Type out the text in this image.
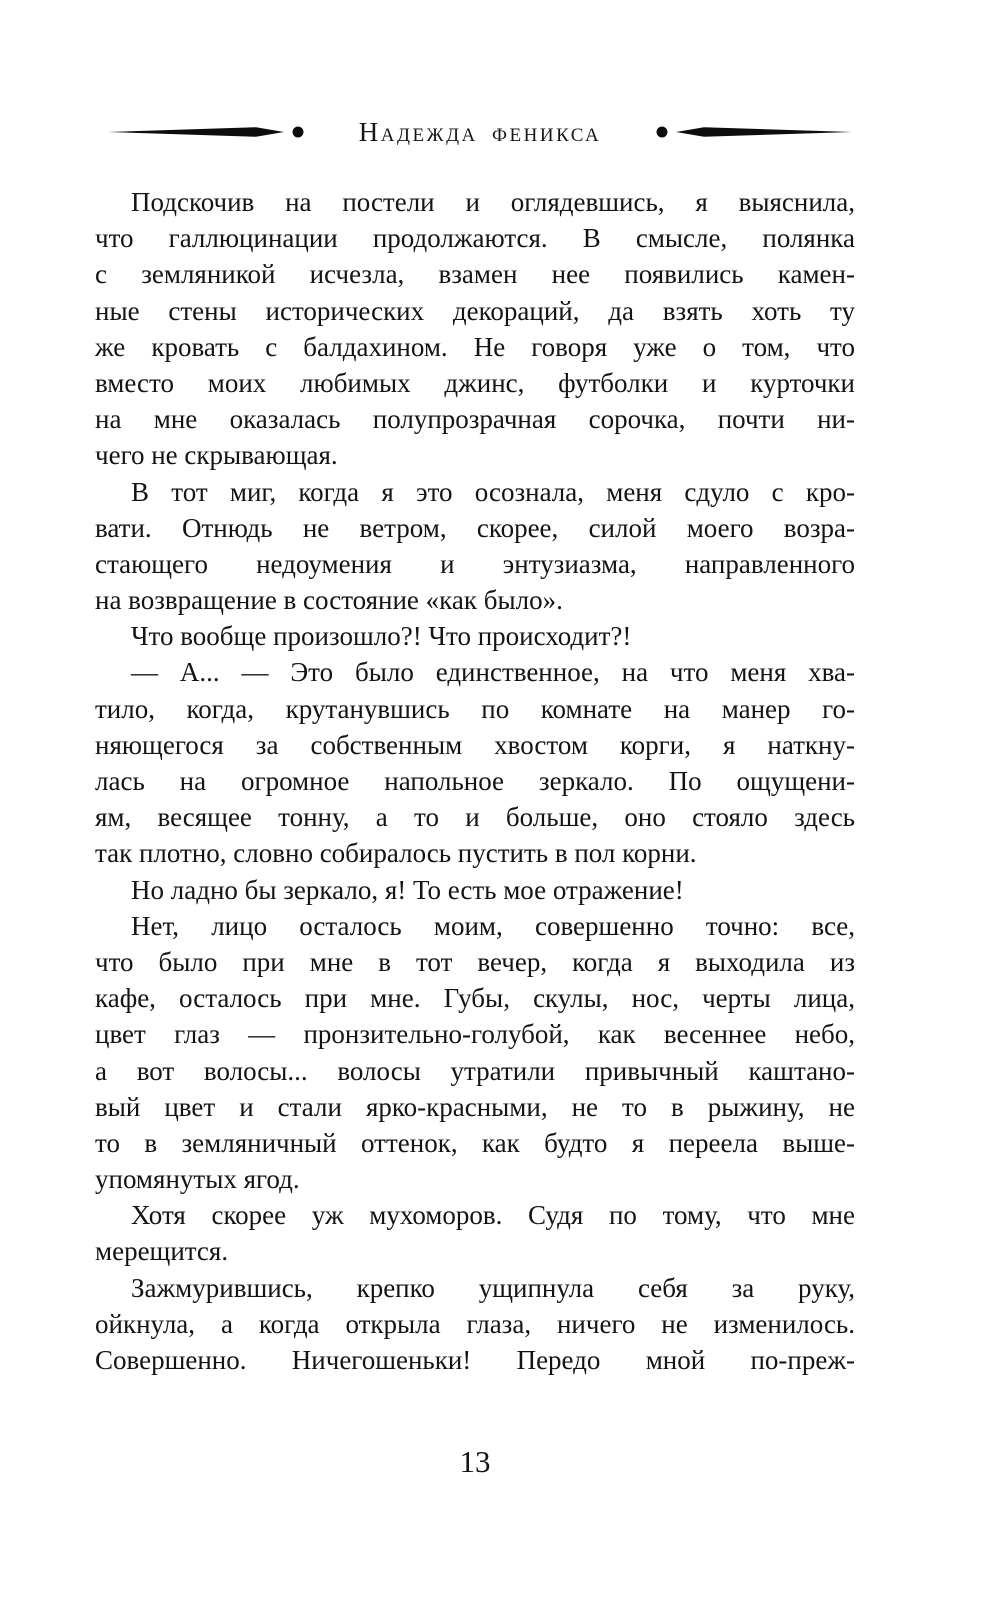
Надежда феникса
Подскочив на постели и оглядевшись, я выяснила,
что галлюцинации продолжаются. В смысле, полянка
с земляникой исчезла, взамен нее появились камен-
ные стены исторических декораций, да взять хоть ту
же кровать с балдахином. Не говоря уже о том, что
вместо моих любимых джинс, футболки и курточки
на мне оказалась полупрозрачная сорочка, почти ни-
чего не скрывающая.
В тот миг, когда я это осознала, меня сдуло с кро-
вати. Отнюдь не ветром, скорее, силой моего возра-
стающего недоумения и энтузиазма, направленного
на возвращение в состояние «как было».
Что вообще произошло?! Что происходит?!
— А... — Это было единственное, на что меня хва-
тило, когда, крутанувшись по комнате на манер го-
няющегося за собственным хвостом корги, я наткну-
лась на огромное напольное зеркало. По ощущени-
ям, весящее тонну, а то и больше, оно стояло здесь
так плотно, словно собиралось пустить в пол корни.
Но ладно бы зеркало, я! То есть мое отражение!
Нет, лицо осталось моим, совершенно точно: все,
что было при мне в тот вечер, когда я выходила из
кафе, осталось при мне. Губы, скулы, нос, черты лица,
цвет глаз — пронзительно-голубой, как весеннее небо,
а вот волосы... волосы утратили привычный каштано-
вый цвет и стали ярко-красными, не то в рыжину, не
то в земляничный оттенок, как будто я переела выше-
упомянутых ягод.
Хотя скорее уж мухоморов. Судя по тому, что мне
мерещится.
Зажмурившись, крепко ущипнула себя за руку,
ойкнула, а когда открыла глаза, ничего не изменилось.
Совершенно. Ничегошеньки! Передо мной по-преж-
13
